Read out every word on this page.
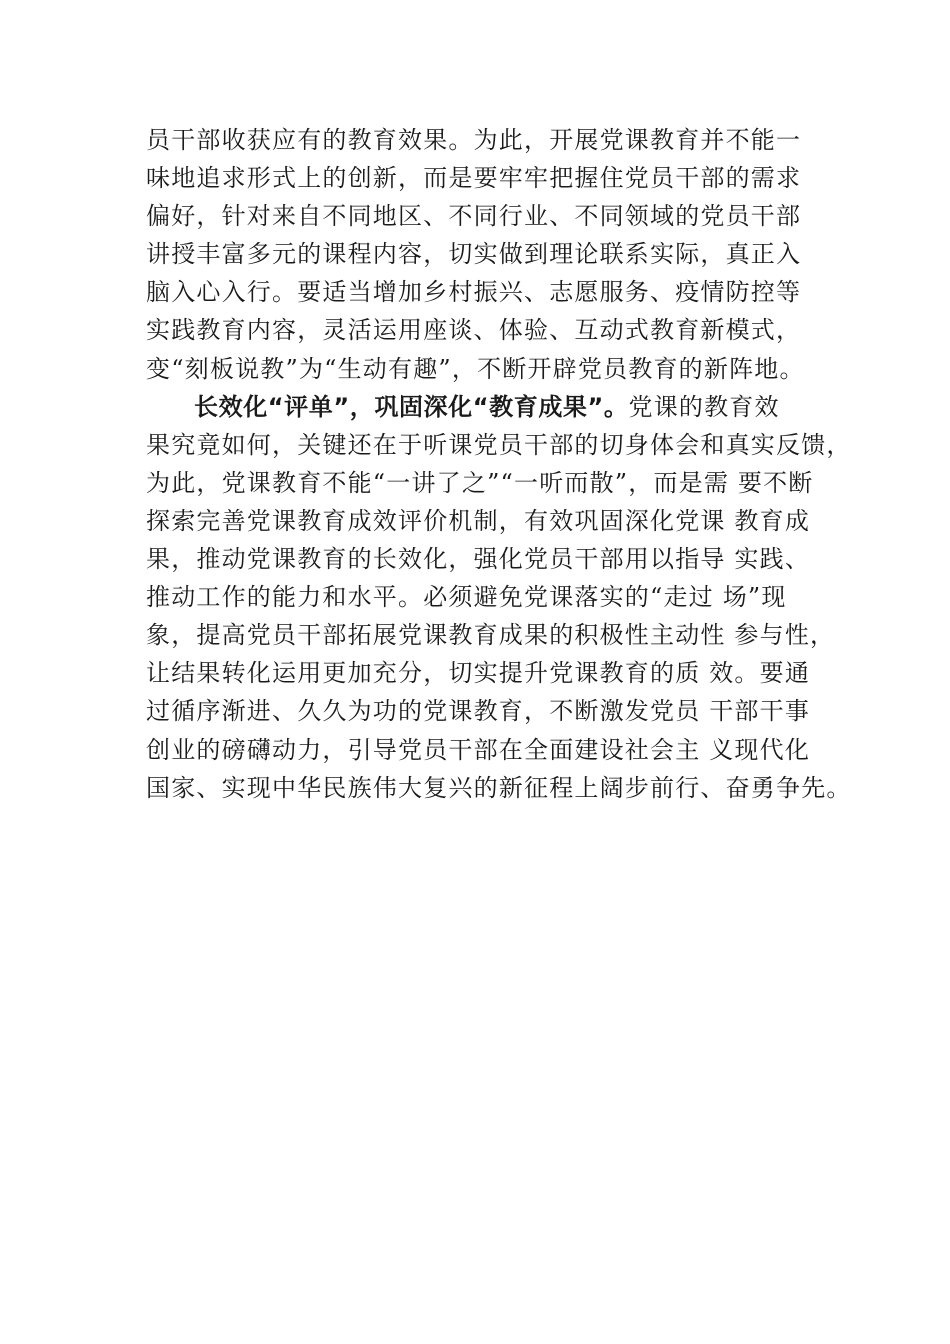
员干部收获应有的教育效果。为此，开展党课教育并不能一
味地追求形式上的创新，而是要牢牢把握住党员干部的需求
偏好，针对来自不同地区、不同行业、不同领域的党员干部
讲授丰富多元的课程内容，切实做到理论联系实际，真正入
脑入心入行。要适当增加乡村振兴、志愿服务、疫情防控等
实践教育内容，灵活运用座谈、体验、互动式教育新模式，
变“刻板说教”为“生动有趣”，不断开辟党员教育的新阵地。
长效化“评单”，巩固深化“教育成果”。党课的教育效
果究竟如何，关键还在于听课党员干部的切身体会和真实反馈，
为此，党课教育不能“一讲了之”“一听而散”，而是需 要不断
探索完善党课教育成效评价机制，有效巩固深化党课 教育成
果，推动党课教育的长效化，强化党员干部用以指导 实践、
推动工作的能力和水平。必须避免党课落实的“走过 场”现
象，提高党员干部拓展党课教育成果的积极性主动性 参与性，
让结果转化运用更加充分，切实提升党课教育的质 效。要通
过循序渐进、久久为功的党课教育，不断激发党员 干部干事
创业的磅礴动力，引导党员干部在全面建设社会主 义现代化
国家、实现中华民族伟大复兴的新征程上阔步前行、奋勇争先。
